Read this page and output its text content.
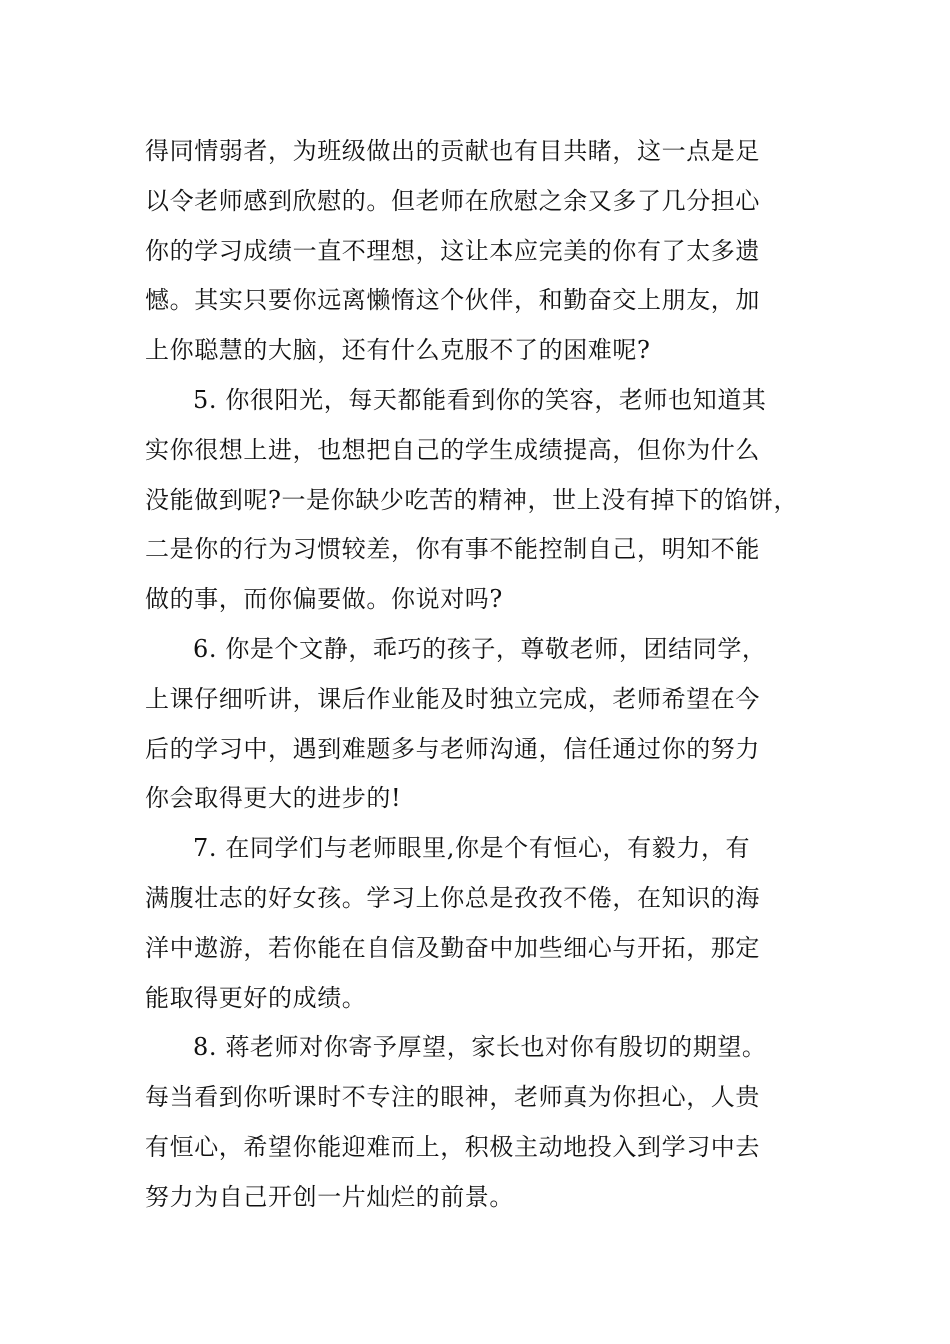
得同情弱者，为班级做出的贡献也有目共睹，这一点是足
以令老师感到欣慰的。但老师在欣慰之余又多了几分担心
你的学习成绩一直不理想，这让本应完美的你有了太多遗
憾。其实只要你远离懒惰这个伙伴，和勤奋交上朋友，加
上你聪慧的大脑，还有什么克服不了的困难呢?
5. 你很阳光，每天都能看到你的笑容，老师也知道其
实你很想上进，也想把自己的学生成绩提高，但你为什么
没能做到呢?一是你缺少吃苦的精神，世上没有掉下的馅饼，
二是你的行为习惯较差，你有事不能控制自己，明知不能
做的事，而你偏要做。你说对吗?
6. 你是个文静，乖巧的孩子，尊敬老师，团结同学，
上课仔细听讲，课后作业能及时独立完成，老师希望在今
后的学习中，遇到难题多与老师沟通，信任通过你的努力
你会取得更大的进步的!
7. 在同学们与老师眼里,你是个有恒心，有毅力，有
满腹壮志的好女孩。学习上你总是孜孜不倦，在知识的海
洋中遨游，若你能在自信及勤奋中加些细心与开拓，那定
能取得更好的成绩。
8. 蒋老师对你寄予厚望，家长也对你有殷切的期望。
每当看到你听课时不专注的眼神，老师真为你担心，人贵
有恒心，希望你能迎难而上，积极主动地投入到学习中去
努力为自己开创一片灿烂的前景。
